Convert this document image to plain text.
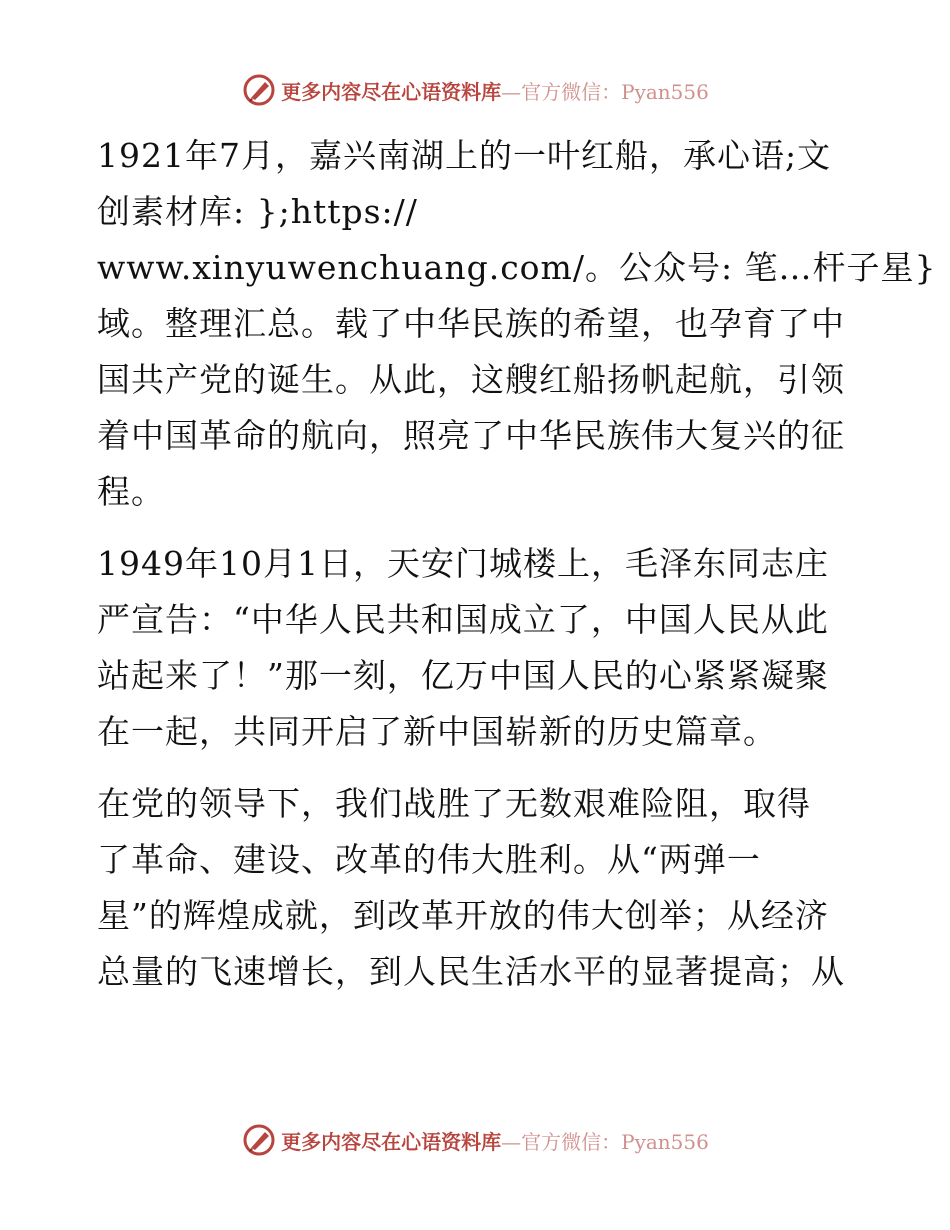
更多内容尽在心语资料库—官方微信：Pyan556

1921年7月，嘉兴南湖上的一叶红船，承心语;文
创素材库: };https://
www.xinyuwenchuang.com/。公众号: 笔…杆子星}
域。整理汇总。载了中华民族的希望，也孕育了中
国共产党的诞生。从此，这艘红船扬帆起航，引领
着中国革命的航向，照亮了中华民族伟大复兴的征
程。

1949年10月1日，天安门城楼上，毛泽东同志庄
严宣告：“中华人民共和国成立了，中国人民从此
站起来了！”那一刻，亿万中国人民的心紧紧凝聚
在一起，共同开启了新中国崭新的历史篇章。

在党的领导下，我们战胜了无数艰难险阻，取得
了革命、建设、改革的伟大胜利。从“两弹一
星”的辉煌成就，到改革开放的伟大创举；从经济
总量的飞速增长，到人民生活水平的显著提高；从

更多内容尽在心语资料库—官方微信：Pyan556
